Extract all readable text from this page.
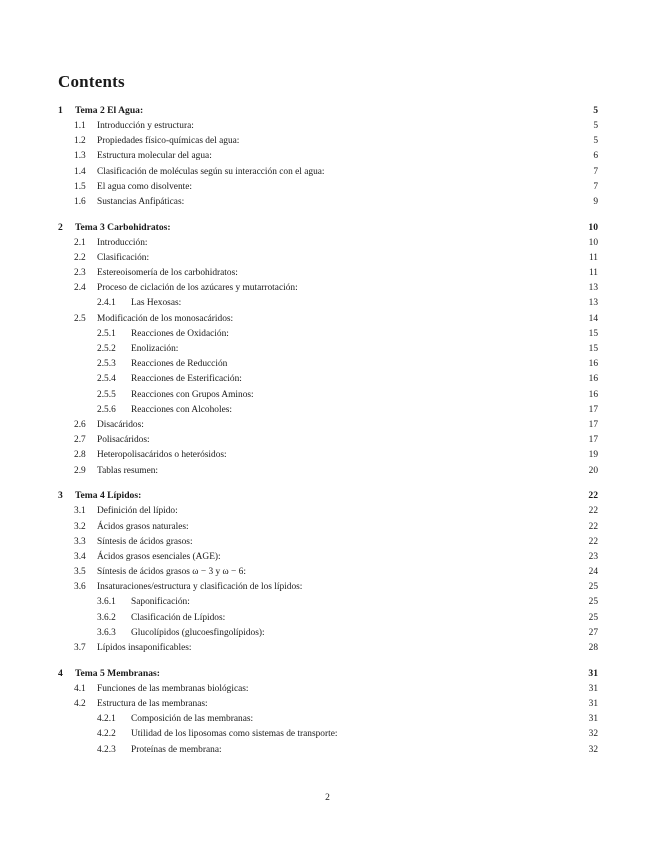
Contents
1 Tema 2 El Agua:	5
1.1 Introducción y estructura:	5
1.2 Propiedades físico-químicas del agua:	5
1.3 Estructura molecular del agua:	6
1.4 Clasificación de moléculas según su interacción con el agua:	7
1.5 El agua como disolvente:	7
1.6 Sustancias Anfipáticas:	9
2 Tema 3 Carbohidratos:	10
2.1 Introducción:	10
2.2 Clasificación:	11
2.3 Estereoisomería de los carbohidratos:	11
2.4 Proceso de ciclación de los azúcares y mutarrotación:	13
2.4.1 Las Hexosas:	13
2.5 Modificación de los monosacáridos:	14
2.5.1 Reacciones de Oxidación:	15
2.5.2 Enolización:	15
2.5.3 Reacciones de Reducción	16
2.5.4 Reacciones de Esterificación:	16
2.5.5 Reacciones con Grupos Aminos:	16
2.5.6 Reacciones con Alcoholes:	17
2.6 Disacáridos:	17
2.7 Polisacáridos:	17
2.8 Heteropolisacáridos o heterósidos:	19
2.9 Tablas resumen:	20
3 Tema 4 Lípidos:	22
3.1 Definición del lípido:	22
3.2 Ácidos grasos naturales:	22
3.3 Síntesis de ácidos grasos:	22
3.4 Ácidos grasos esenciales (AGE):	23
3.5 Síntesis de ácidos grasos ω − 3 y ω − 6:	24
3.6 Insaturaciones/estructura y clasificación de los lípidos:	25
3.6.1 Saponificación:	25
3.6.2 Clasificación de Lípidos:	25
3.6.3 Glucolípidos (glucoesfingolípidos):	27
3.7 Lípidos insaponificables:	28
4 Tema 5 Membranas:	31
4.1 Funciones de las membranas biológicas:	31
4.2 Estructura de las membranas:	31
4.2.1 Composición de las membranas:	31
4.2.2 Utilidad de los liposomas como sistemas de transporte:	32
4.2.3 Proteínas de membrana:	32
2
